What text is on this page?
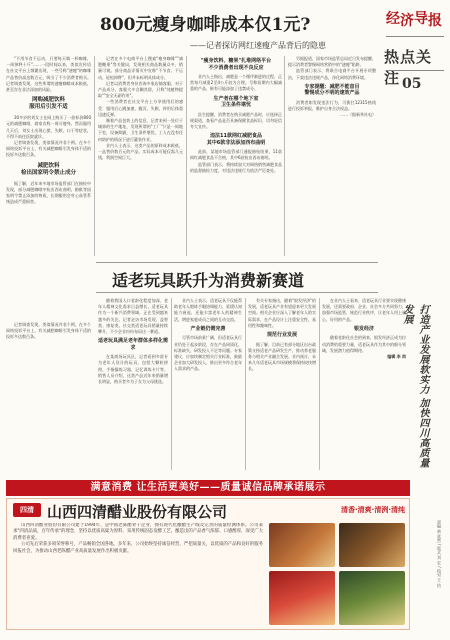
经 济 导 报
热点关注 05
打造产业发展软实力 加快四川高质量发展
责编 黄 欣然 / 版式 刘 宏 / 校对 王 怡
800元瘦身咖啡成本仅1元?
——记者探访网红速瘦产品背后的隐患

"不用节食不运动，只要每天喝一杯咖啡，一周掉秤十斤"……一段时间以来，类似宣传语在社交平台上频繁出现，一些号称"速瘦"的咖啡产品售价高达数百元，吸引了不少消费者购买。记者调查发现，这些所谓的速瘦咖啡成本极低，甚至存在非法添加的风险。

网购减肥饮料
服用后引发不适

30多岁的刘女士在网上购买了一款标价800元的减肥咖啡，商家宣称一周可瘦身。然而服用几天后，刘女士出现心慌、失眠、口干等症状，不得不前往医院就诊。

记者调查发现，类似情况并非个例。在多个网络投诉平台上，有关减肥咖啡引发身体不适的投诉多达数百条。

减肥饮料
检出国家明令禁止成分

据了解，近年来多地市场监管部门在抽检中发现，部分减肥咖啡中检出西布曲明、酚酞等国家明令禁止添加的物质，长期服用会对心血管系统造成严重损害。

记者在多个电商平台上搜索"瘦身咖啡""减肥糖果"等关键词，发现相关商品数量众多，销量可观。部分商品详情页中宣称"不节食、不运动、轻松掉秤"，但并未标明具体成分。

记者以消费者身份咨询多家店铺客服，对于产品成分，客服大多含糊其辞，只称"纯植物提取""安全无副作用"。

一些消费者在社交平台上分享使用后的感受：服用后心跳加速、腹泻、失眠，停用后体重迅速反弹。

顺着产品包装上的信息，记者来到一处位于城郊的生产地址，发现所谓的"工厂"只是一间地下室，设备简陋，卫生条件堪忧，工人在没有任何防护的情况下进行灌装作业。

业内人士表示，这类产品的原料成本极低，一盒售价数百元的产品，实际成本可能仅需几元钱，利润空间巨大。

"瘦身饮料、糖果"扎堆网络平台
不少消费者出现不良反应

业内人士指出，减肥是一个循序渐进的过程，正常每月减重2至4公斤较为合理。号称短期内大幅减重的产品，极有可能添加了违禁成分。

生产者在哪个地下室
卫生条件堪忧

医生提醒，消费者在购买减肥产品时，应选择正规渠道，查看产品是否具备保健食品标识，切勿轻信夸大宣传。

违法11款网红减肥食品
其中6款非法添加西布曲明

此前，某地市场监管部门通报抽检结果，11款网红减肥食品不合格，其中6款检出西布曲明。

监管部门表示，将持续加大对网络销售减肥食品的监督抽检力度，对违法违规行为依法严厉查处。

另据报道，国家市场监管总局近日发布提醒，提示消费者警惕网络营销中的"速瘦"陷阱。

监管部门表示，将联合电商平台开展专项整治，下架违法违规产品，净化网络消费环境。

专家提醒：减肥不能盲目
警惕成分不明的速效产品

消费者如发现违法行为，可拨打12315热线进行投诉举报，维护自身合法权益。

……（据新华社电）

适老玩具跃升为消费新赛道

随着我国人口老龄化程度加深，老年人精神文化需求日益增长，适老玩具作为一个新兴消费领域，正在受到越来越多的关注。记者走访市场发现，益智类、康复类、社交类适老玩具销量持续攀升，不少企业纷纷布局这一赛道。

适老玩具满足老年群体多样化需求

在某商场玩具区，记者看到多款专为老年人设计的玩具，包括大颗粒拼图、手指操练习器、记忆训练卡片等。销售人员介绍，这类产品近年来销量增长明显，购买者多为子女为父母挑选。

业内人士表示，适老玩具不仅能帮助老年人锻炼手眼协调能力、延缓认知能力衰退，还能丰富老年人的精神生活，增进家庭成员之间的互动交流。

产业链仍需完善

尽管市场前景广阔，但适老玩具行业仍处于起步阶段，存在产品同质化、标准缺失、研发投入不足等问题。专家建议，应加快制定相关行业标准，鼓励企业加大研发投入，推出更多符合老年人需求的产品。

有关专家指出，随着"银发经济"的发展，适老玩具产业有望迎来更大发展空间。相关企业应深入了解老年人的实际需求，在产品设计上注重安全性、易用性和趣味性。

规范行业发展

据了解，目前已有部分地区出台政策支持适老产品研发生产，推动养老服务与相关产业融合发展。业内预计，未来几年适老玩具市场规模将保持较快增长。

在业内人士看来，适老玩具行业要实现健康发展，还需要政府、企业、社会多方共同努力，加强市场监管，规范行业秩序，让老年人用上放心、好用的产品。

银发经济

随着老龄化社会的到来，银发经济正成为拉动消费的重要力量，适老玩具作为其中的细分领域，发展潜力值得期待。

编辑 李 同

记者调查发现，类似情况并非个例。在多个网络投诉平台上，有关减肥咖啡引发身体不适的投诉多达数百条。

满意消费 让生活更美好——质量诚信品牌承诺展示
四清 山西四清醋业股份有限公司	清香·清爽·清洌·清纯

山西四清醋业股份有限公司建于1994年，是中国老陈醋骨干企业，拥有现代化酿醋生产线及完善的质量检测体系。公司秉承"四清品质，百年传承"的理念，坚持以优质高粱为原料，采用传统固态发酵工艺，酿造出的产品香气浓郁、口感醇厚，深受广大消费者喜爱。

公司先后荣获多项荣誉称号，产品畅销全国各地。多年来，公司始终坚持诚信经营，严把质量关，以优质的产品和良好的服务回报社会，为推动山西老陈醋产业高质量发展作出积极贡献。
